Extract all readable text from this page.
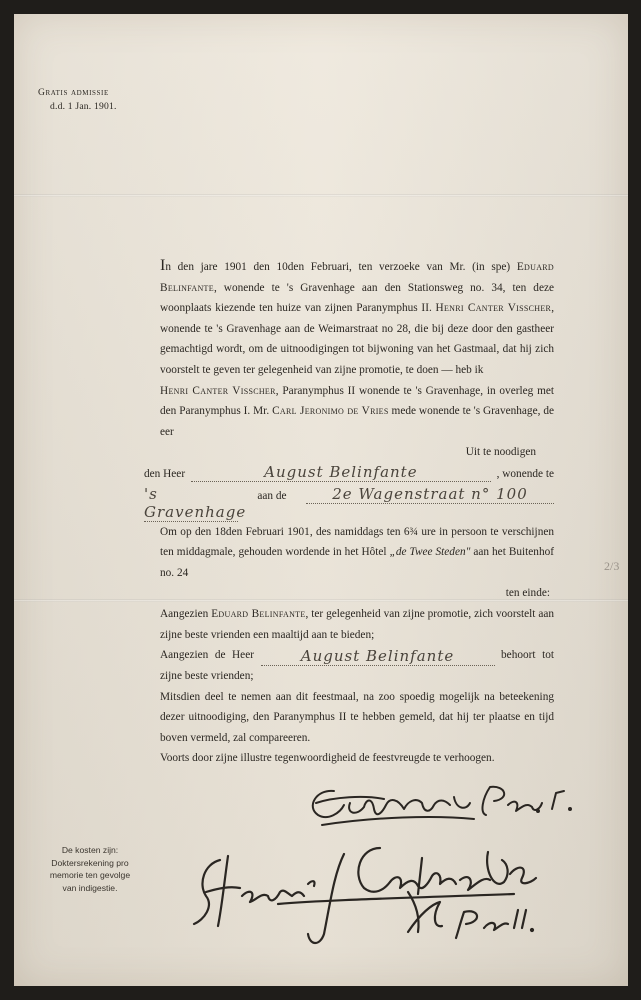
Gratis admissie
d.d. 1 Jan. 1901.

In den jare 1901 den 10den Februari, ten verzoeke van Mr. (in spe) Eduard Belinfante, wonende te 's Gravenhage aan den Stationsweg no. 34, ten deze woonplaats kiezende ten huize van zijnen Paranymphus II. Henri Canter Visscher, wonende te 's Gravenhage aan de Weimarstraat no 28, die bij deze door den gastheer gemachtigd wordt, om de uitnoodigingen tot bijwoning van het Gastmaal, dat hij zich voorstelt te geven ter gelegenheid van zijne promotie, te doen — heb ik

Henri Canter Visscher, Paranymphus II wonende te 's Gravenhage, in overleg met den Paranymphus I. Mr. Carl Jeronimo de Vries mede wonende te 's Gravenhage, de eer

Uit te noodigen

den Heer	August Belinfante	, wonende te

's Gravenhage
aan de	2e Wagenstraat n° 100

Om op den 18den Februari 1901, des namiddags ten 6¾ ure in persoon te verschijnen ten middagmale, gehouden wordende in het Hôtel „de Twee Steden" aan het Buitenhof no. 24

ten einde:

Aangezien Eduard Belinfante, ter gelegenheid van zijne promotie, zich voorstelt aan zijne beste vrienden een maaltijd aan te bieden;

Aangezien de Heer	August Belinfante	behoort tot zijne beste vrienden;

Mitsdien deel te nemen aan dit feestmaal, na zoo spoedig mogelijk na beteekening dezer uitnoodiging, den Paranymphus II te hebben gemeld, dat hij ter plaatse en tijd boven vermeld, zal compareeren.

Voorts door zijne illustre tegenwoordigheid de feestvreugde te verhoogen.

De kosten zijn:
Doktersrekening pro
memorie ten gevolge
van indigestie.
2/3
